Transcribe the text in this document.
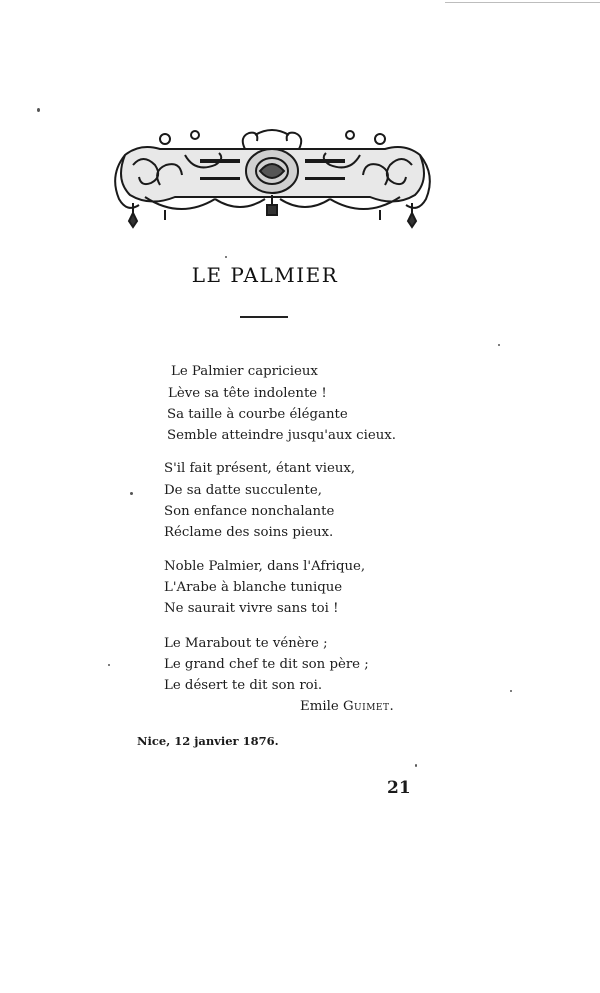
LE PALMIER
Le Palmier capricieux
Lève sa tête indolente !
Sa taille à courbe élégante
Semble atteindre jusqu'aux cieux.
S'il fait présent, étant vieux,
De sa datte succulente,
Son enfance nonchalante
Réclame des soins pieux.
Noble Palmier, dans l'Afrique,
L'Arabe à blanche tunique
Ne saurait vivre sans toi !
Le Marabout te vénère ;
Le grand chef te dit son père ;
Le désert te dit son roi.
Emile Guimet.
Nice, 12 janvier 1876.
21
